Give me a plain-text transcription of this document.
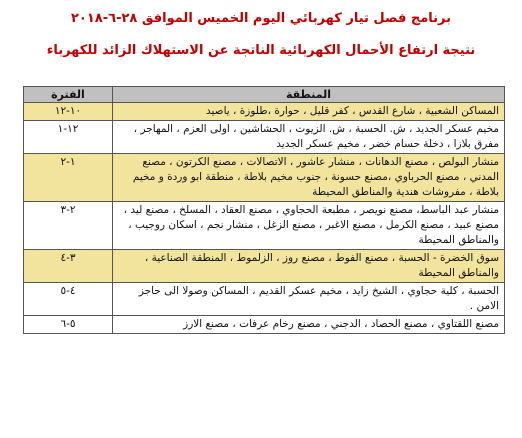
برنامج فصل تيار كهربائي اليوم الخميس الموافق ٢٨-٦-٢٠١٨
نتيجة ارتفاع الأحمال الكهربائية الناتجة عن الاستهلاك الزائد للكهرباء
المنطقة	الفترة
المساكن الشعبية ، شارع القدس ، كفر قليل ، حوارة ،طلوزة ، ياصيد	١٠-١٢
مخيم عسكر الجديد ، ش. الحسبة ، ش. الزيوت ، الحشاشين ، اولى العزم ، المهاجر ، مفرق بلازا ، دخلة حسام خضر ، مخيم عسكر الجديد	١٢-١
منشار البولص ، مصنع الدهانات ، منشار عاشور ، الاتصالات ، مصنع الكرتون ، مصنع المدني ، مصنع الحرباوي ،مصنع حسونة ، جنوب مخيم بلاطة ، منطقة ابو وردة و مخيم بلاطة ، مفروشات هندية والمناطق المحيطة	١-٢
منشار عبد الباسط، مصنع نويصر ، مطبعة الحجاوي ، مصنع العقاد ، المسلخ ، مصنع ليد ، مصنع عبيد ، مصنع الكرمل ، مصنع الاغبر ، مصنع الزغل ، منشار نجم ، اسكان روجيب ، والمناطق المحيطة	٢-٣
سوق الخضرة - الحسبة ، مصنع الفوط ، مصنع روز ، الزلموط ، المنطقة الصناعية ، والمناطق المحيطة	٣-٤
الحسبة ، كلية حجاوي ، الشيخ زايد ، مخيم عسكر القديم ، المساكن وصولا الى حاجز الامن .	٤-٥
مصنع اللقتاوي ، مصنع الحصاد ، الدجني ، مصنع رخام عرفات ، مصنع الارز	٥-٦
